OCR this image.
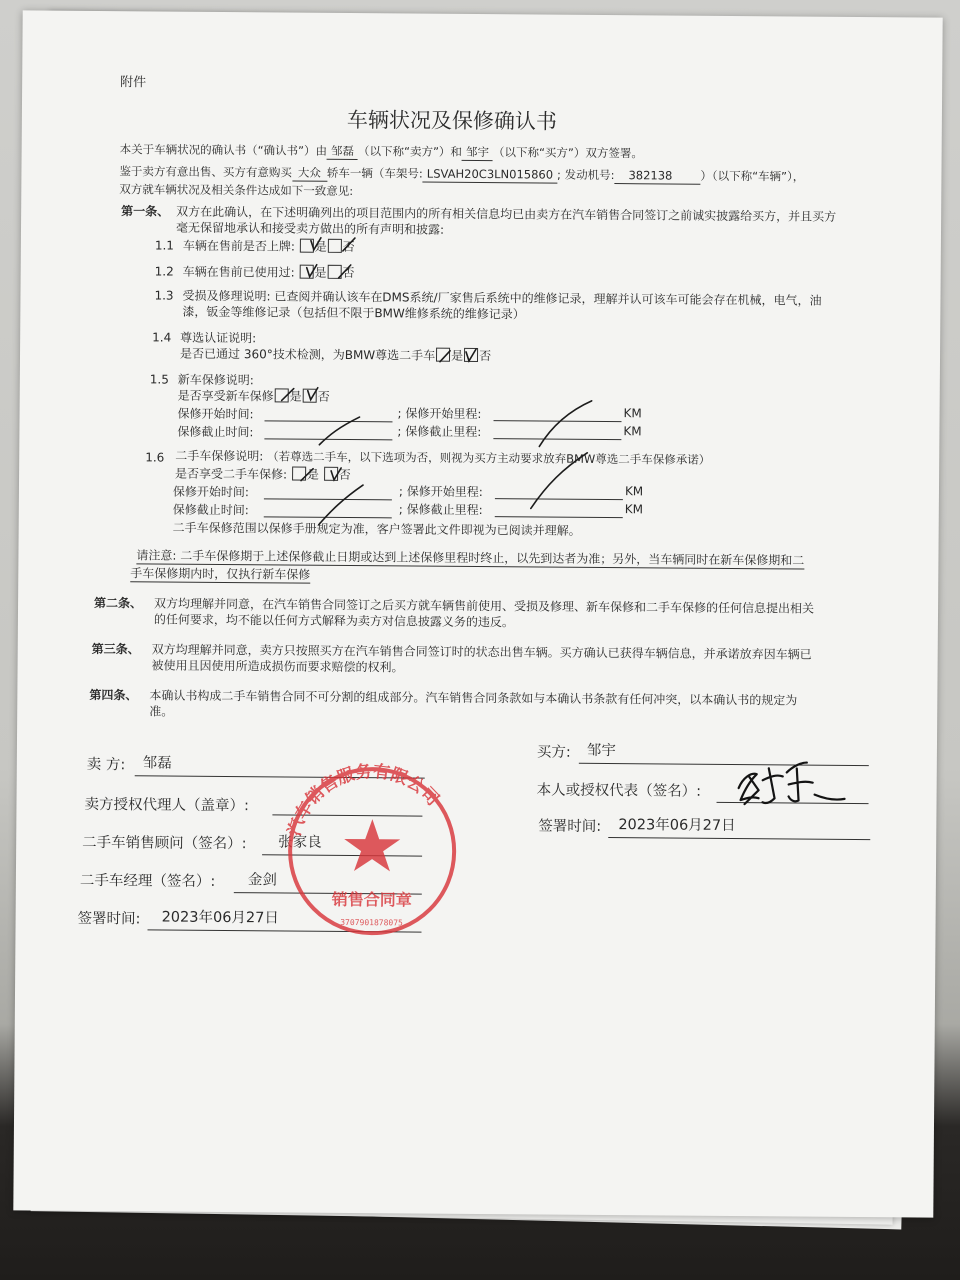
附件
车辆状况及保修确认书
本关于车辆状况的确认书（“确认书”）由 邹磊 （以下称“卖方”）和 邹宇 （以下称“买方”）双方签署。
鉴于卖方有意出售、买方有意购买 大众 轿车一辆（车架号: LSVAH20C3LN015860 ; 发动机号: 382138 ）（以下称“车辆”），
双方就车辆状况及相关条件达成如下一致意见:
第一条、 双方在此确认，在下述明确列出的项目范围内的所有相关信息均已由卖方在汽车销售合同签订之前诚实披露给买方，并且买方
毫无保留地承认和接受卖方做出的所有声明和披露:
1.1 车辆在售前是否上牌: 是 否
1.2 车辆在售前已使用过: 是 否
1.3 受损及修理说明: 已查阅并确认该车在DMS系统/厂家售后系统中的维修记录，理解并认可该车可能会存在机械，电气，油
漆，钣金等维修记录（包括但不限于BMW维修系统的维修记录）
1.4 尊选认证说明:
是否已通过 360°技术检测，为BMW尊选二手车 是 否
1.5 新车保修说明:
是否享受新车保修 是 否
保修开始时间:	; 保修开始里程:	KM
保修截止时间:	; 保修截止里程:	KM
1.6 二手车保修说明: （若尊选二手车，以下选项为否，则视为买方主动要求放弃BMW尊选二手车保修承诺）
是否享受二手车保修: 是 否
保修开始时间:	; 保修开始里程:	KM
保修截止时间:	; 保修截止里程:	KM
二手车保修范围以保修手册规定为准，客户签署此文件即视为已阅读并理解。
请注意: 二手车保修期于上述保修截止日期或达到上述保修里程时终止，以先到达者为准；另外，当车辆同时在新车保修期和二
手车保修期内时，仅执行新车保修
第二条、 双方均理解并同意，在汽车销售合同签订之后买方就车辆售前使用、受损及修理、新车保修和二手车保修的任何信息提出相关
的任何要求，均不能以任何方式解释为卖方对信息披露义务的违反。
第三条、 双方均理解并同意，卖方只按照买方在汽车销售合同签订时的状态出售车辆。买方确认已获得车辆信息，并承诺放弃因车辆已
被使用且因使用所造成损伤而要求赔偿的权利。
第四条、 本确认书构成二手车销售合同不可分割的组成部分。汽车销售合同条款如与本确认书条款有任何冲突，以本确认书的规定为
准。
卖 方: 邹磊
卖方授权代理人（盖章）:
二手车销售顾问（签名）: 张家良
二手车经理（签名）: 金剑
签署时间: 2023年06月27日
买方: 邹宇
本人或授权代表（签名）:
签署时间: 2023年06月27日
汽车销售服务有限公司
销售合同章
3707901878075
